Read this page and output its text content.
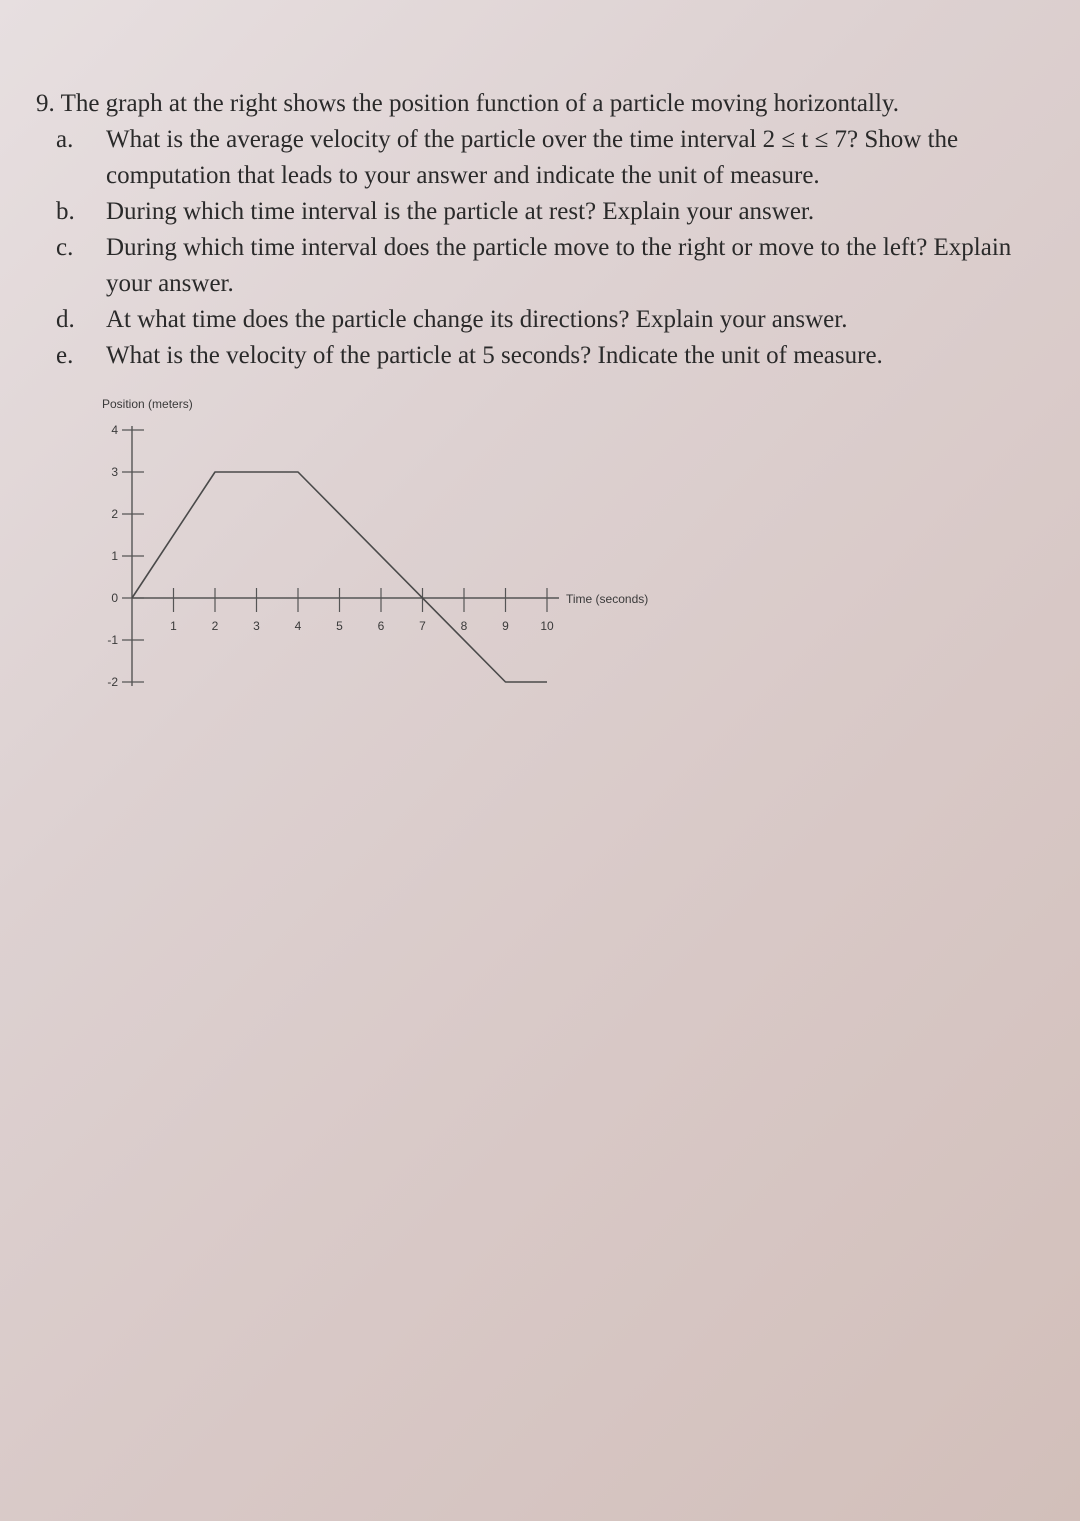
9. The graph at the right shows the position function of a particle moving horizontally.

a.	What is the average velocity of the particle over the time interval 2 ≤ t ≤ 7? Show the computation that leads to your answer and indicate the unit of measure.
b.	During which time interval is the particle at rest? Explain your answer.
c.	During which time interval does the particle move to the right or move to the left? Explain your answer.
d.	At what time does the particle change its directions? Explain your answer.
e.	What is the velocity of the particle at 5 seconds? Indicate the unit of measure.
Position (meters)
Time (seconds)
4
3
2
1
0
-1
-2
1	2	3	4	5	6	7	8	9	10
